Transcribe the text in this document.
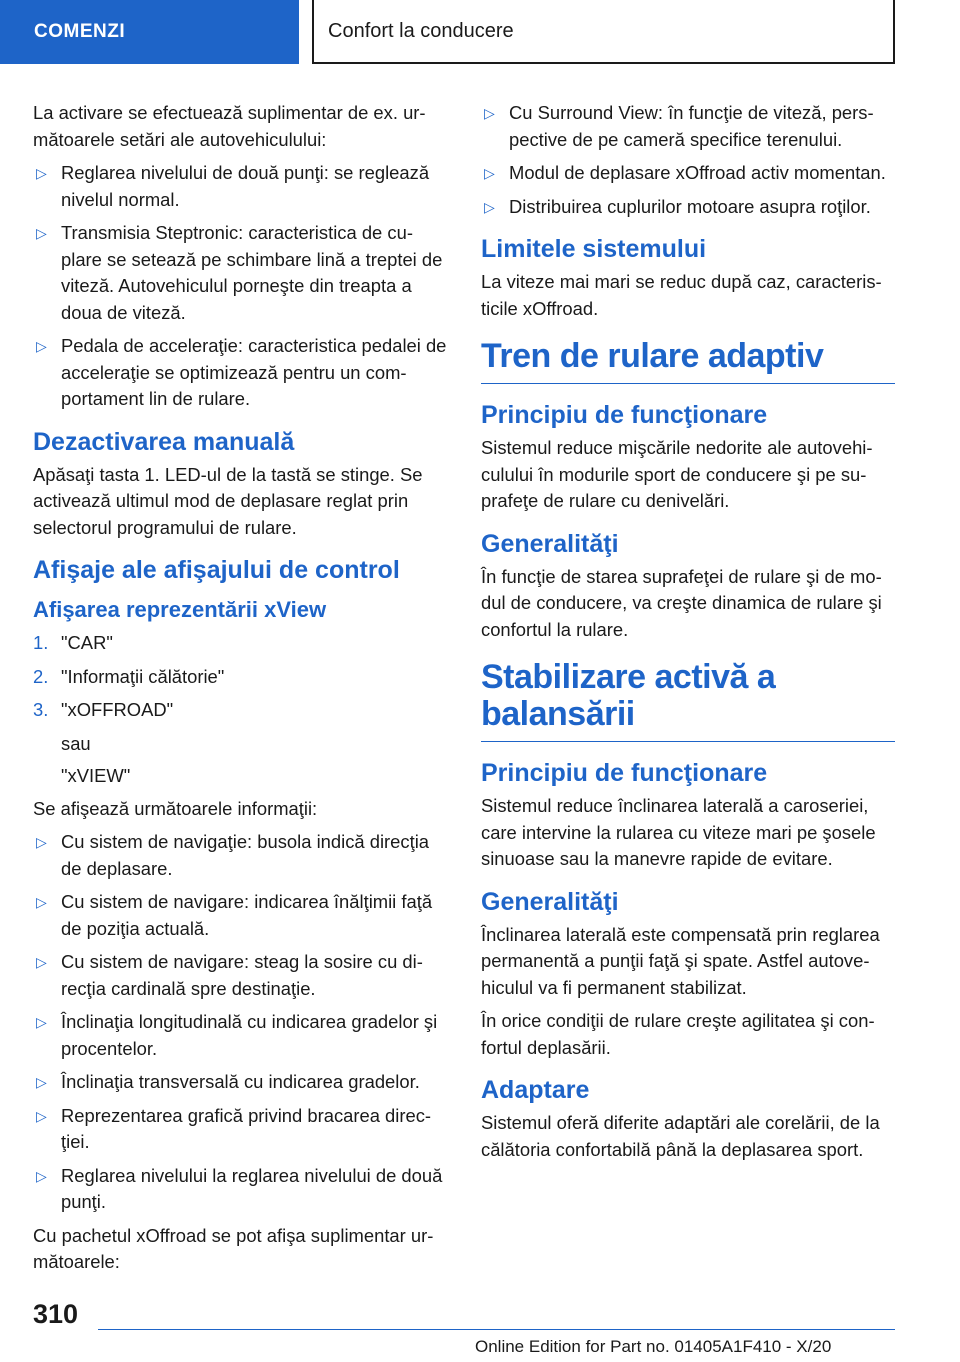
COMENZI	Confort la conducere

La activare se efectuează suplimentar de ex. următoarele setări ale autovehiculului:

▷ Reglarea nivelului de două punţi: se reglează nivelul normal.
▷ Transmisia Steptronic: caracteristica de cuplare se setează pe schimbare lină a treptei de viteză. Autovehiculul porneşte din treapta a doua de viteză.
▷ Pedala de acceleraţie: caracteristica pedalei de acceleraţie se optimizează pentru un comportament lin de rulare.
Dezactivarea manuală

Apăsaţi tasta 1. LED-ul de la tastă se stinge. Se activează ultimul mod de deplasare reglat prin selectorul programului de rulare.

Afişaje ale afişajului de control
Afişarea reprezentării xView
1. "CAR"
2. "Informaţii călătorie"
3. "xOFFROAD"
sau
"xVIEW"

Se afişează următoarele informaţii:

▷ Cu sistem de navigaţie: busola indică direcţia de deplasare.
▷ Cu sistem de navigare: indicarea înălţimii faţă de poziţia actuală.
▷ Cu sistem de navigare: steag la sosire cu direcţia cardinală spre destinaţie.
▷ Înclinaţia longitudinală cu indicarea gradelor şi procentelor.
▷ Înclinaţia transversală cu indicarea gradelor.
▷ Reprezentarea grafică privind bracarea direcţiei.
▷ Reglarea nivelului la reglarea nivelului de două punţi.

Cu pachetul xOffroad se pot afişa suplimentar următoarele:

▷ Cu Surround View: în funcţie de viteză, perspective de pe cameră specifice terenului.
▷ Modul de deplasare xOffroad activ momentan.
▷ Distribuirea cuplurilor motoare asupra roţilor.
Limitele sistemului

La viteze mai mari se reduc după caz, caracteristicile xOffroad.

Tren de rulare adaptiv
Principiu de funcţionare

Sistemul reduce mişcările nedorite ale autovehiculului în modurile sport de conducere şi pe suprafeţe de rulare cu denivelări.

Generalităţi

În funcţie de starea suprafeţei de rulare şi de modul de conducere, va creşte dinamica de rulare şi confortul la rulare.

Stabilizare activă a balansării
Principiu de funcţionare

Sistemul reduce înclinarea laterală a caroseriei, care intervine la rularea cu viteze mari pe şosele sinuoase sau la manevre rapide de evitare.

Generalităţi

Înclinarea laterală este compensată prin reglarea permanentă a punţii faţă şi spate. Astfel autovehiculul va fi permanent stabilizat.

În orice condiţii de rulare creşte agilitatea şi confortul deplasării.

Adaptare

Sistemul oferă diferite adaptări ale corelării, de la călătoria confortabilă până la deplasarea sport.

310
Online Edition for Part no. 01405A1F410 - X/20
